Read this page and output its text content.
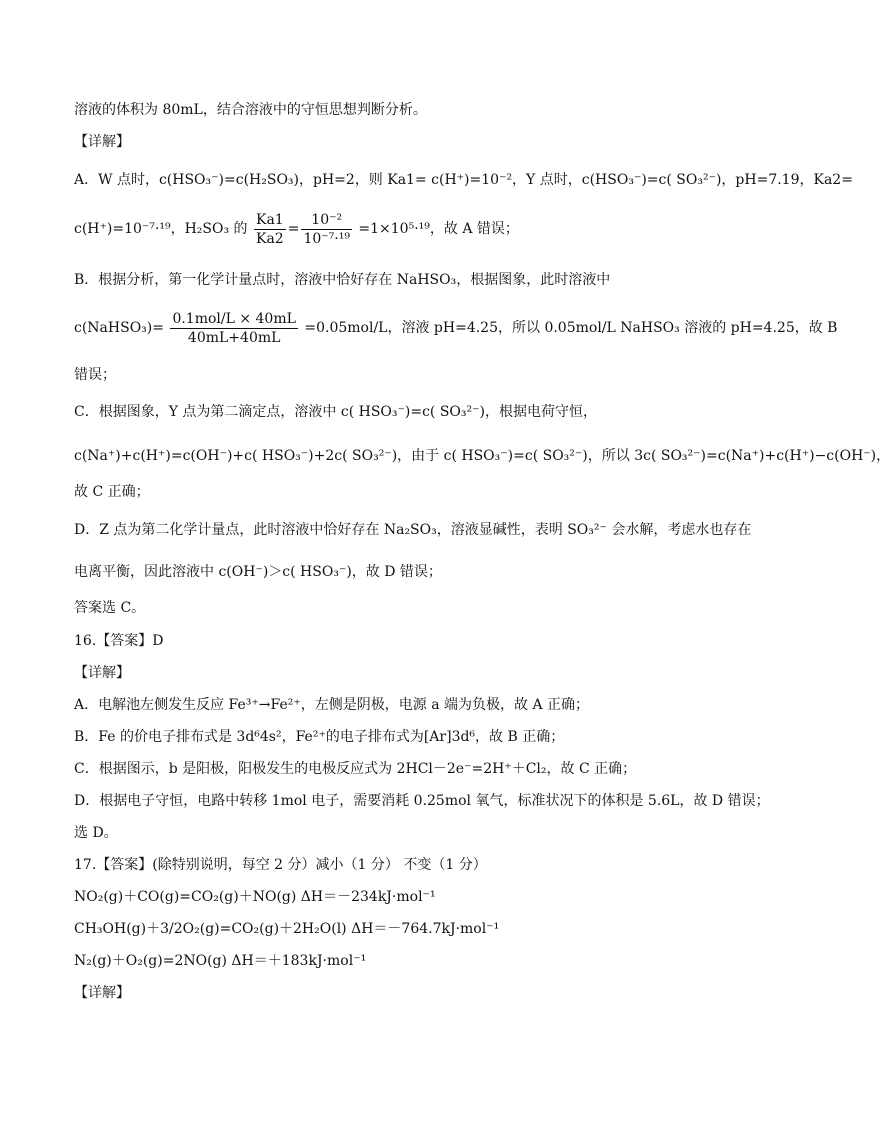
溶液的体积为 80mL，结合溶液中的守恒思想判断分析。
【详解】
A．W 点时，c(HSO₃⁻)=c(H₂SO₃)，pH=2，则 Ka1= c(H⁺)=10⁻²，Y 点时，c(HSO₃⁻)=c( SO₃²⁻)，pH=7.19，Ka2=
c(H⁺)=10⁻⁷·¹⁹，H₂SO₃ 的 $\frac{Ka1}{Ka2} = \frac{\text{10⁻²}}{\text{10⁻⁷·¹⁹}} =1\times 10^5\cdot^{19}$，故 A 错误；
B．根据分析，第一化学计量点时，溶液中恰好存在 NaHSO₃，根据图象，此时溶液中
c(NaHSO₃)= $\frac{\text{0.1mol/L × 40mL}}{40mL+40mL} =0.05mol/L$，溶液 pH=4.25，所以 0.05mol/L NaHSO₃ 溶液的 pH=4.25，故 B
错误；
C．根据图象，Y 点为第二滴定点，溶液中 c( HSO₃⁻)=c( SO₃²⁻)，根据电荷守恒，
c(Na⁺)+c(H⁺)=c(OH⁻)+c( HSO₃⁻)+2c( SO₃²⁻)，由于 c( HSO₃⁻)=c( SO₃²⁻)，所以 3c( SO₃²⁻)=c(Na⁺)+c(H⁺)−c(OH⁻)，
故 C 正确；
D．Z 点为第二化学计量点，此时溶液中恰好存在 Na₂SO₃，溶液显碱性，表明 SO₃²⁻ 会水解，考虑水也存在
电离平衡，因此溶液中 c(OH⁻)＞c( HSO₃⁻)，故 D 错误；
答案选 C。
16.【答案】D
【详解】
A．电解池左侧发生反应 Fe³⁺→Fe²⁺，左侧是阴极，电源 a 端为负极，故 A 正确；
B．Fe 的价电子排布式是 3d⁶4s²，Fe²⁺的电子排布式为[Ar]3d⁶，故 B 正确；
C．根据图示，b 是阳极，阳极发生的电极反应式为 2HCl－2e⁻=2H⁺＋Cl₂，故 C 正确；
D．根据电子守恒，电路中转移 1mol 电子，需要消耗 0.25mol 氧气，标准状况下的体积是 5.6L，故 D 错误；
选 D。
17.【答案】(除特别说明，每空 2 分）减小（1 分） 不变（1 分）
NO₂(g)＋CO(g)=CO₂(g)＋NO(g) ΔH＝－234kJ·mol⁻¹
CH₃OH(g)＋3/2O₂(g)=CO₂(g)＋2H₂O(l) ΔH＝－764.7kJ·mol⁻¹
N₂(g)＋O₂(g)=2NO(g) ΔH＝＋183kJ·mol⁻¹
【详解】
